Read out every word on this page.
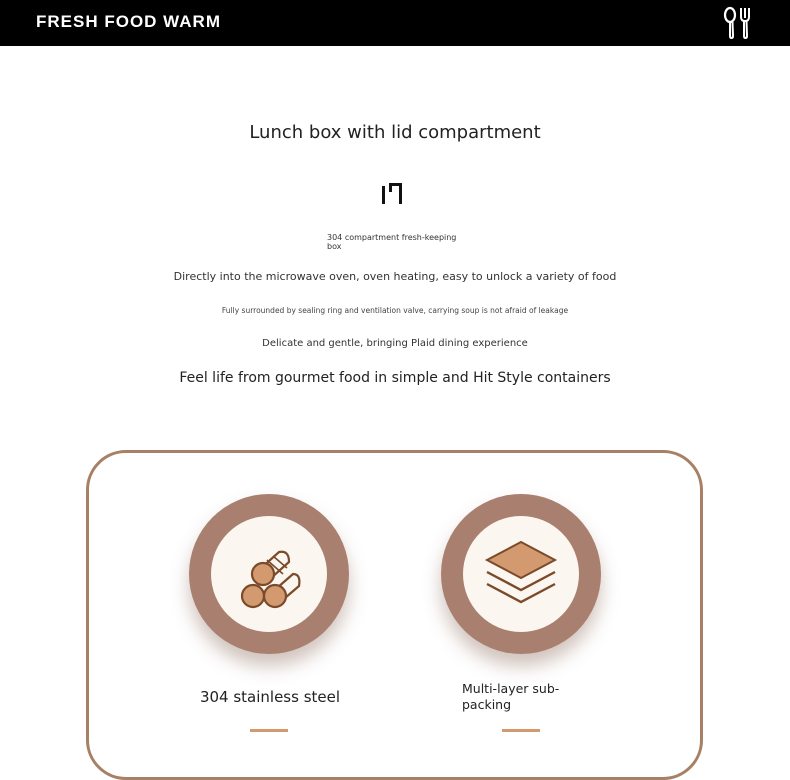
FRESH FOOD WARM
Lunch box with lid compartment
304 compartment fresh-keeping box
Directly into the microwave oven, oven heating, easy to unlock a variety of food
Fully surrounded by sealing ring and ventilation valve, carrying soup is not afraid of leakage
Delicate and gentle, bringing Plaid dining experience
Feel life from gourmet food in simple and Hit Style containers
304 stainless steel	Multi-layer sub-packing
